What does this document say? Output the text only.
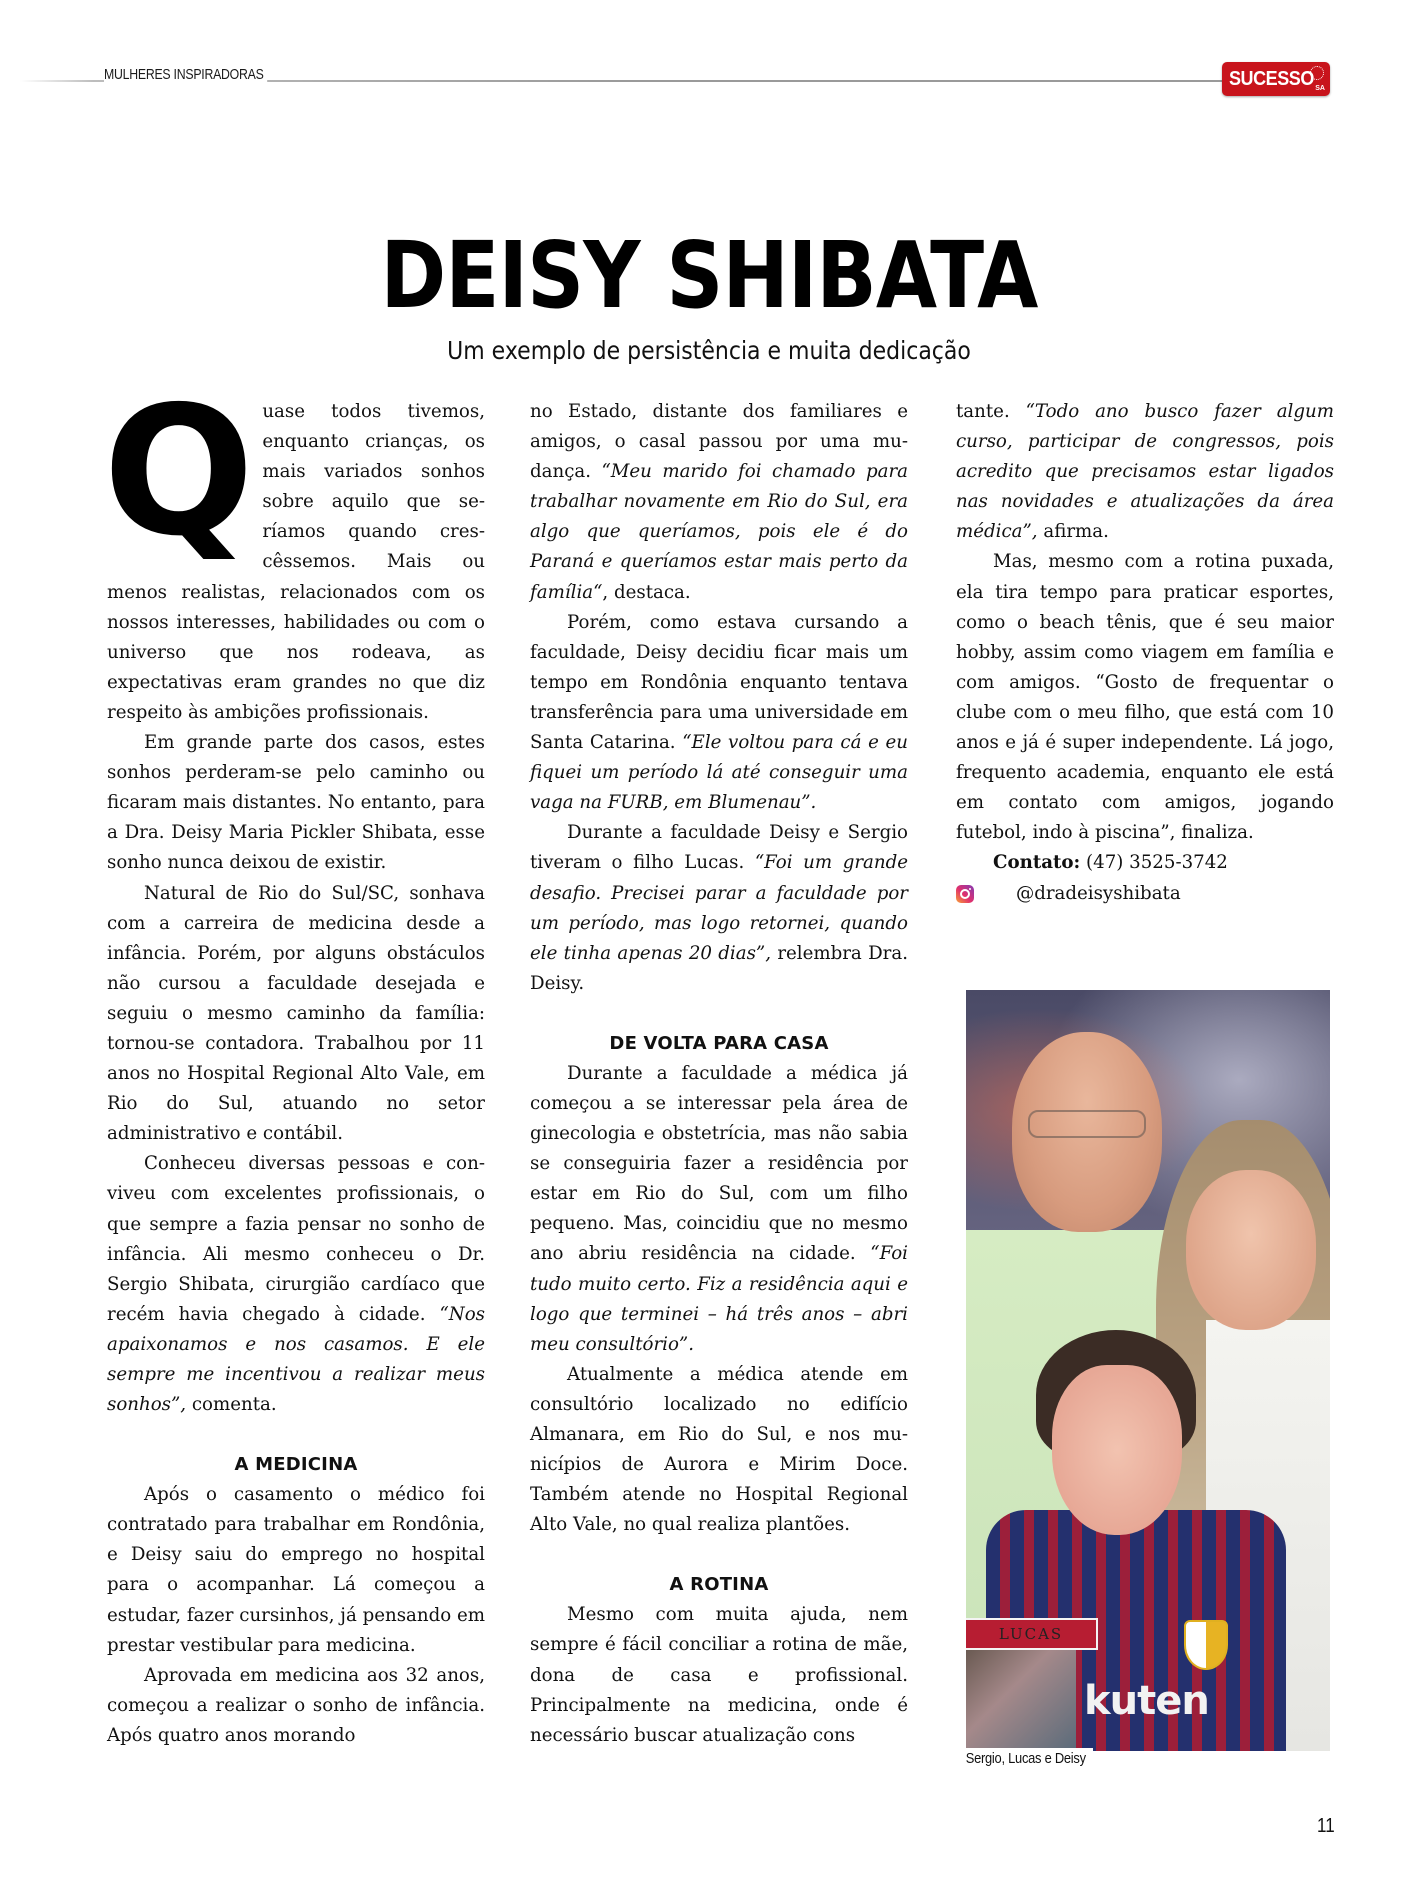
MULHERES INSPIRADORAS	SUCESSO SA
DEISY SHIBATA
Um exemplo de persistência e muita dedicação
Q uase todos tivemos, enquanto crianças, os mais variados sonhos sobre aquilo que seríamos quando crescêssemos. Mais ou menos realistas, relacionados com os nossos interesses, habilidades ou com o universo que nos rodeava, as expectativas eram grandes no que diz respeito às ambições profissionais.

Em grande parte dos casos, estes sonhos perderam-se pelo caminho ou ficaram mais distantes. No entanto, para a Dra. Deisy Maria Pickler Shibata, esse sonho nunca deixou de existir.

Natural de Rio do Sul/SC, sonhava com a carreira de medicina desde a infância. Porém, por alguns obstáculos não cursou a faculdade desejada e seguiu o mesmo caminho da família: tornou-se contadora. Trabalhou por 11 anos no Hospital Regional Alto Vale, em Rio do Sul, atuando no setor administrativo e contábil.

Conheceu diversas pessoas e conviveu com excelentes profissionais, o que sempre a fazia pensar no sonho de infância. Ali mesmo conheceu o Dr. Sergio Shibata, cirurgião cardíaco que recém havia chegado à cidade. “Nos apaixonamos e nos casamos. E ele sempre me incentivou a realizar meus sonhos”, comenta.

A MEDICINA

Após o casamento o médico foi contratado para trabalhar em Rondônia, e Deisy saiu do emprego no hospital para o acompanhar. Lá começou a estudar, fazer cursinhos, já pensando em prestar vestibular para medicina.

Aprovada em medicina aos 32 anos, começou a realizar o sonho de infância. Após quatro anos morando

no Estado, distante dos familiares e amigos, o casal passou por uma mudança. “Meu marido foi chamado para trabalhar novamente em Rio do Sul, era algo que queríamos, pois ele é do Paraná e queríamos estar mais perto da família“, destaca.

Porém, como estava cursando a faculdade, Deisy decidiu ficar mais um tempo em Rondônia enquanto tentava transferência para uma universidade em Santa Catarina. “Ele voltou para cá e eu fiquei um período lá até conseguir uma vaga na FURB, em Blumenau”.

Durante a faculdade Deisy e Sergio tiveram o filho Lucas. “Foi um grande desafio. Precisei parar a faculdade por um período, mas logo retornei, quando ele tinha apenas 20 dias”, relembra Dra. Deisy.

DE VOLTA PARA CASA

Durante a faculdade a médica já começou a se interessar pela área de ginecologia e obstetrícia, mas não sabia se conseguiria fazer a residência por estar em Rio do Sul, com um filho pequeno. Mas, coincidiu que no mesmo ano abriu residência na cidade. “Foi tudo muito certo. Fiz a residência aqui e logo que terminei – há três anos – abri meu consultório”.

Atualmente a médica atende em consultório localizado no edifício Almanara, em Rio do Sul, e nos municípios de Aurora e Mirim Doce. Também atende no Hospital Regional Alto Vale, no qual realiza plantões.

A ROTINA

Mesmo com muita ajuda, nem sempre é fácil conciliar a rotina de mãe, dona de casa e profissional. Principalmente na medicina, onde é necessário buscar atualização cons

tante. “Todo ano busco fazer algum curso, participar de congressos, pois acredito que precisamos estar ligados nas novidades e atualizações da área médica”, afirma.

Mas, mesmo com a rotina puxada, ela tira tempo para praticar esportes, como o beach tênis, que é seu maior hobby, assim como viagem em família e com amigos. “Gosto de frequentar o clube com o meu filho, que está com 10 anos e já é super independente. Lá jogo, frequento academia, enquanto ele está em contato com amigos, jogando futebol, indo à piscina”, finaliza.

Contato: (47) 3525-3742

@dradeisyshibata

kuten
LUCAS
Sergio, Lucas e Deisy
11
